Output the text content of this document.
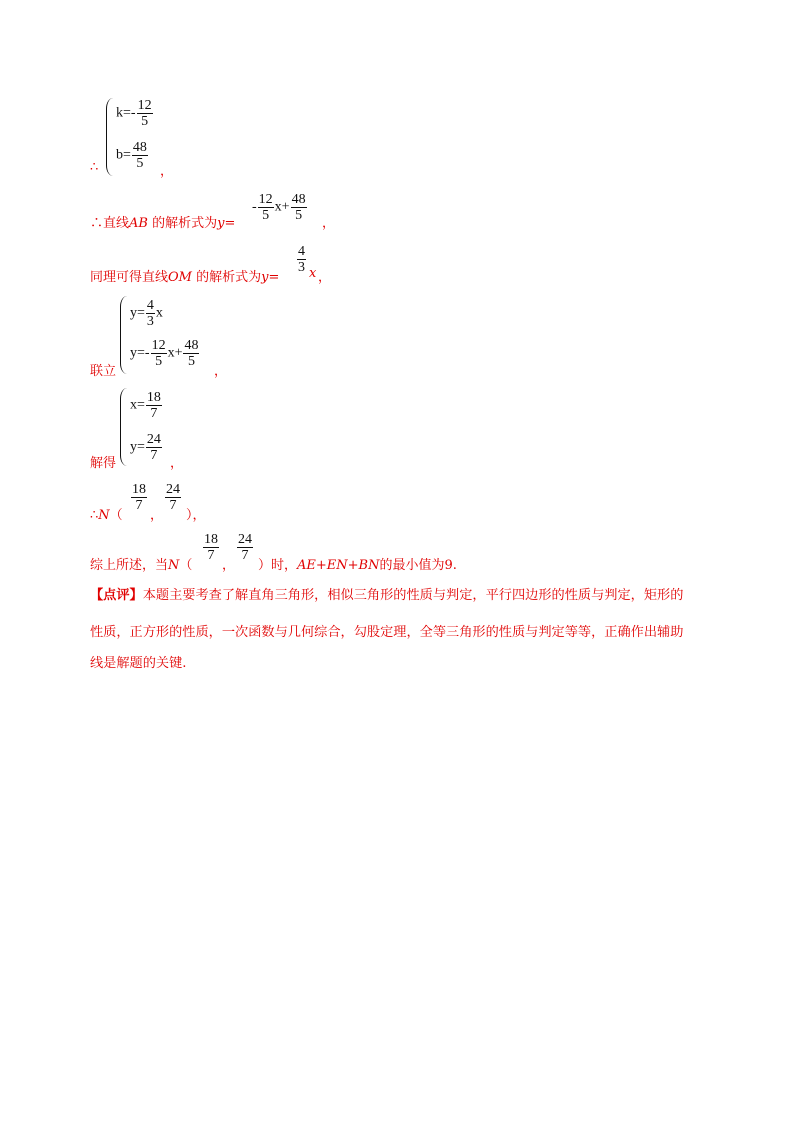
∴
$k=- \frac{12}{5}$
$b= \frac{48}{5}$
，
∴直线AB 的解析式为y=
- $\frac{12}{5} x+ \frac{48}{5}$
，
同理可得直线OM 的解析式为y=
$\frac{4}{3}$ x ，
联立
$y= \frac{4}{3}$ x
$y=- \frac{12}{5} x+ \frac{48}{5}$
，
解得
$x= \frac{18}{7}$
$y= \frac{24}{7}$
，
∴N（
$\frac{18}{7}$
，
$\frac{24}{7}$
），
综上所述，当N（
$\frac{18}{7}$
，
$\frac{24}{7}$
）时，AE+EN+BN的最小值为9.
【点评】本题主要考查了解直角三角形，相似三角形的性质与判定，平行四边形的性质与判定，矩形的
性质，正方形的性质，一次函数与几何综合，勾股定理，全等三角形的性质与判定等等，正确作出辅助
线是解题的关键.
